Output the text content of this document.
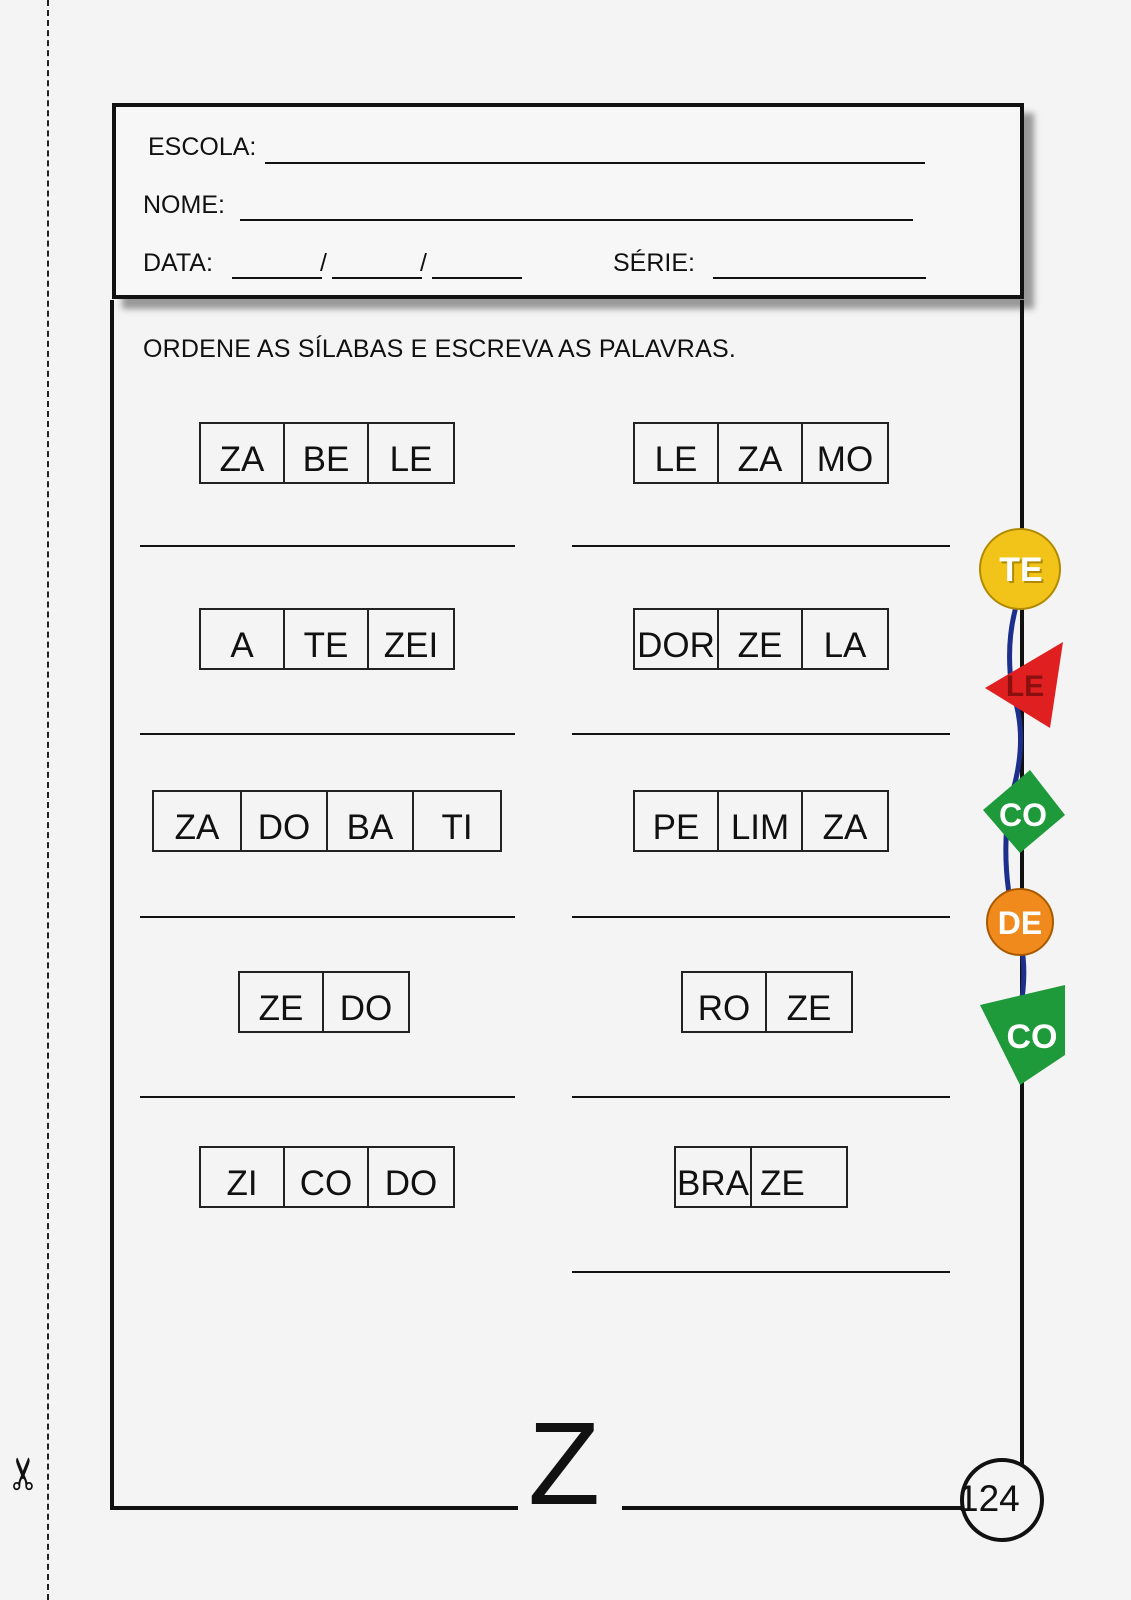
✂
ESCOLA:
NOME:
DATA:	/	/	SÉRIE:
ORDENE AS SÍLABAS E ESCREVA AS PALAVRAS.
ZA	BE	LE	LE	ZA MO
A	TE	ZEI	DOR ZE	LA
ZA	DO	BA	TI	PE LIM ZA
ZE	DO	RO	ZE
ZI	CO DO	BRA ZE
TE
LE
CO
DE
CO
Z	124
